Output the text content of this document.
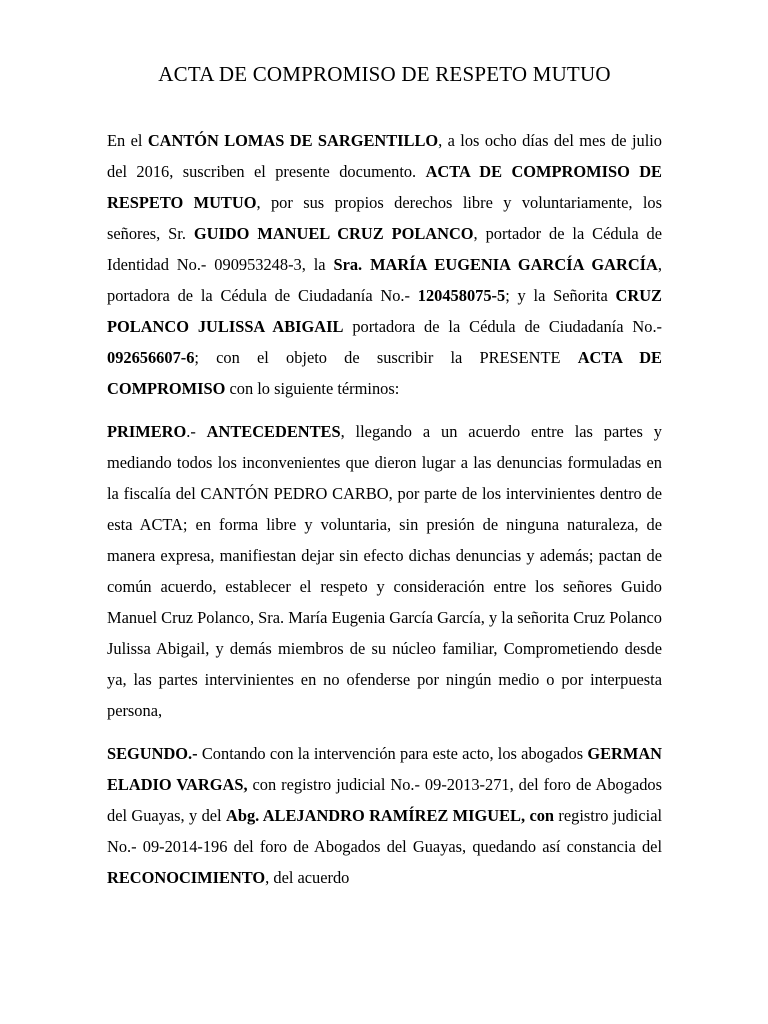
ACTA DE COMPROMISO DE RESPETO MUTUO

En el CANTÓN LOMAS DE SARGENTILLO, a los ocho días del mes de julio del 2016, suscriben el presente documento. ACTA DE COMPROMISO DE RESPETO MUTUO, por sus propios derechos libre y voluntariamente, los señores, Sr. GUIDO MANUEL CRUZ POLANCO, portador de la Cédula de Identidad No.- 090953248-3, la Sra. MARÍA EUGENIA GARCÍA GARCÍA, portadora de la Cédula de Ciudadanía No.- 120458075-5; y la Señorita CRUZ POLANCO JULISSA ABIGAIL portadora de la Cédula de Ciudadanía No.- 092656607-6; con el objeto de suscribir la PRESENTE ACTA DE COMPROMISO con lo siguiente términos:

PRIMERO.- ANTECEDENTES, llegando a un acuerdo entre las partes y mediando todos los inconvenientes que dieron lugar a las denuncias formuladas en la fiscalía del CANTÓN PEDRO CARBO, por parte de los intervinientes dentro de esta ACTA; en forma libre y voluntaria, sin presión de ninguna naturaleza, de manera expresa, manifiestan dejar sin efecto dichas denuncias y además; pactan de común acuerdo, establecer el respeto y consideración entre los señores Guido Manuel Cruz Polanco, Sra. María Eugenia García García, y la señorita Cruz Polanco Julissa Abigail, y demás miembros de su núcleo familiar, Comprometiendo desde ya, las partes intervinientes en no ofenderse por ningún medio o por interpuesta persona,

SEGUNDO.- Contando con la intervención para este acto, los abogados GERMAN ELADIO VARGAS, con registro judicial No.- 09-2013-271, del foro de Abogados del Guayas, y del Abg. ALEJANDRO RAMÍREZ MIGUEL, con registro judicial No.- 09-2014-196 del foro de Abogados del Guayas, quedando así constancia del RECONOCIMIENTO, del acuerdo
